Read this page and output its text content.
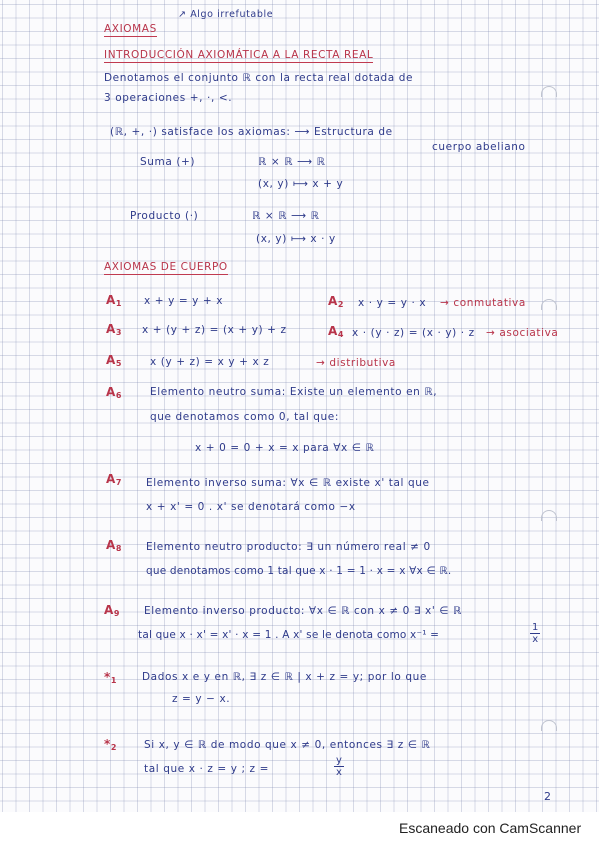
AXIOMAS
↗ Algo irrefutable
INTRODUCCIÓN AXIOMÁTICA A LA RECTA REAL
Denotamos el conjunto ℝ con la recta real dotada de
3 operaciones +, ·, <.
(ℝ, +, ·) satisface los axiomas: ⟶ Estructura de
cuerpo abeliano
Suma (+)	ℝ × ℝ ⟶ ℝ
(x, y) ⟼ x + y
Producto (·)	ℝ × ℝ ⟶ ℝ
(x, y) ⟼ x · y
AXIOMAS DE CUERPO
$A_1$ x + y = y + x	$A_2$ x · y = y · x → conmutativa
$A_3$ x + (y + z) = (x + y) + z	$A_4$ x · (y · z) = (x · y) · z → asociativa
$A_5$	x (y + z) = x y + x z	→ distributiva
$A_6$	Elemento neutro suma: Existe un elemento en ℝ,
que denotamos como 0, tal que:
x + 0 = 0 + x = x para ∀x ∈ ℝ
$A_7$ Elemento inverso suma: ∀x ∈ ℝ existe x' tal que
x + x' = 0 . x' se denotará como −x
$A_8$ Elemento neutro producto: ∃ un número real ≠ 0
que denotamos como 1 tal que x · 1 = 1 · x = x ∀x ∈ ℝ.
$A_9$ Elemento inverso producto: ∀x ∈ ℝ con x ≠ 0 ∃ x' ∈ ℝ
tal que x · x' = x' · x = 1 . A x' se le denota como x⁻¹ =	$\frac{1}{x}$
$*_1$ Dados x e y en ℝ, ∃ z ∈ ℝ | x + z = y; por lo que
z = y − x.
$*_2$	Si x, y ∈ ℝ de modo que x ≠ 0, entonces ∃ z ∈ ℝ
tal que x · z = y ; z =	$\frac{y}{x}$
2
Escaneado con CamScanner
